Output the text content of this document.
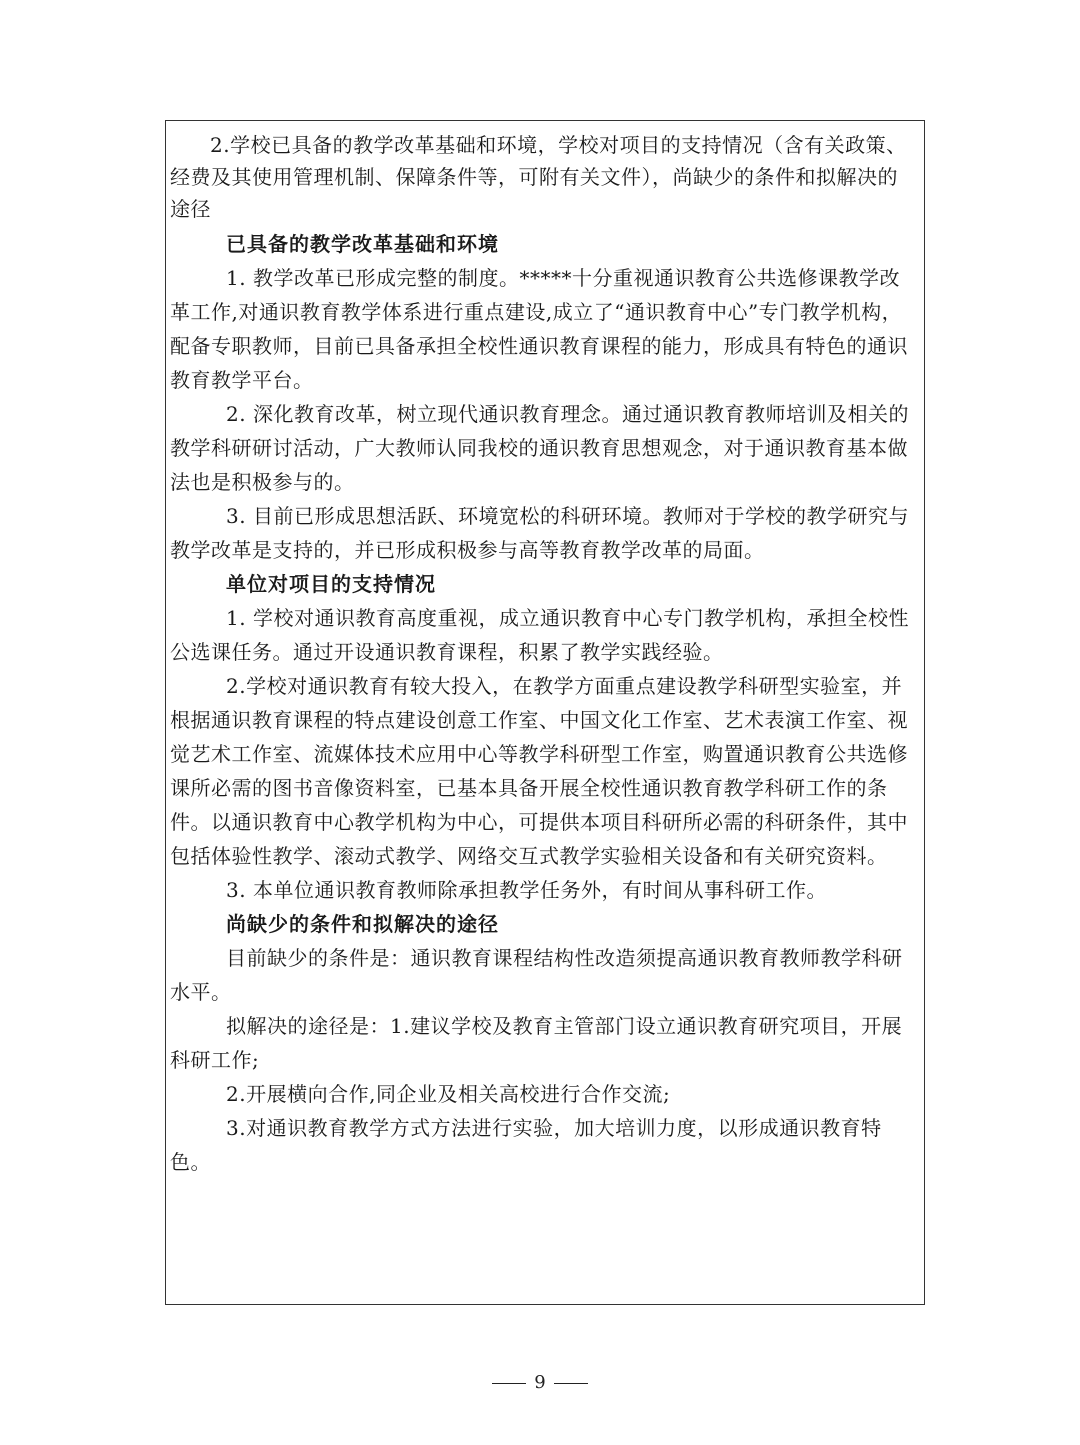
2.学校已具备的教学改革基础和环境，学校对项目的支持情况（含有关政策、经费及其使用管理机制、保障条件等，可附有关文件），尚缺少的条件和拟解决的途径

已具备的教学改革基础和环境

1. 教学改革已形成完整的制度。*****十分重视通识教育公共选修课教学改革工作,对通识教育教学体系进行重点建设,成立了“通识教育中心”专门教学机构，配备专职教师，目前已具备承担全校性通识教育课程的能力，形成具有特色的通识教育教学平台。

2. 深化教育改革，树立现代通识教育理念。通过通识教育教师培训及相关的教学科研研讨活动，广大教师认同我校的通识教育思想观念，对于通识教育基本做法也是积极参与的。

3. 目前已形成思想活跃、环境宽松的科研环境。教师对于学校的教学研究与教学改革是支持的，并已形成积极参与高等教育教学改革的局面。

单位对项目的支持情况

1. 学校对通识教育高度重视，成立通识教育中心专门教学机构，承担全校性公选课任务。通过开设通识教育课程，积累了教学实践经验。

2.学校对通识教育有较大投入，在教学方面重点建设教学科研型实验室，并根据通识教育课程的特点建设创意工作室、中国文化工作室、艺术表演工作室、视觉艺术工作室、流媒体技术应用中心等教学科研型工作室，购置通识教育公共选修课所必需的图书音像资料室，已基本具备开展全校性通识教育教学科研工作的条件。以通识教育中心教学机构为中心，可提供本项目科研所必需的科研条件，其中包括体验性教学、滚动式教学、网络交互式教学实验相关设备和有关研究资料。

3. 本单位通识教育教师除承担教学任务外，有时间从事科研工作。

尚缺少的条件和拟解决的途径

目前缺少的条件是：通识教育课程结构性改造须提高通识教育教师教学科研水平。

拟解决的途径是：1.建议学校及教育主管部门设立通识教育研究项目，开展科研工作;

2.开展横向合作,同企业及相关高校进行合作交流;

3.对通识教育教学方式方法进行实验，加大培训力度，以形成通识教育特色。

9
